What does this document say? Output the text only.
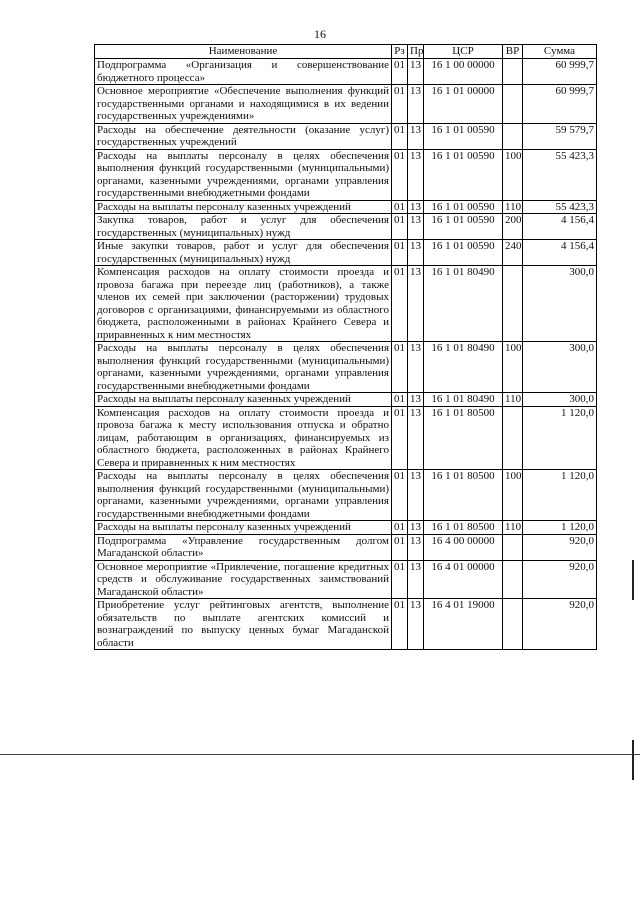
16
Наименование	Рз	Пр	ЦСР	ВР	Сумма
Подпрограмма «Организация и совершенствование бюджетного процесса»	01	13	16 1 00 00000		60 999,7
Основное мероприятие «Обеспечение выполнения функций государственными органами и находящимися в их ведении государственных учреждениями»	01	13	16 1 01 00000		60 999,7
Расходы на обеспечение деятельности (оказание услуг) государственных учреждений	01	13	16 1 01 00590		59 579,7
Расходы на выплаты персоналу в целях обеспечения выполнения функций государственными (муниципальными) органами, казенными учреждениями, органами управления государственными внебюджетными фондами	01	13	16 1 01 00590	100	55 423,3
Расходы на выплаты персоналу казенных учреждений	01	13	16 1 01 00590	110	55 423,3
Закупка товаров, работ и услуг для обеспечения государственных (муниципальных) нужд	01	13	16 1 01 00590	200	4 156,4
Иные закупки товаров, работ и услуг для обеспечения государственных (муниципальных) нужд	01	13	16 1 01 00590	240	4 156,4
Компенсация расходов на оплату стоимости проезда и провоза багажа при переезде лиц (работников), а также членов их семей при заключении (расторжении) трудовых договоров с организациями, финансируемыми из областного бюджета, расположенными в районах Крайнего Севера и приравненных к ним местностях	01	13	16 1 01 80490		300,0
Расходы на выплаты персоналу в целях обеспечения выполнения функций государственными (муниципальными) органами, казенными учреждениями, органами управления государственными внебюджетными фондами	01	13	16 1 01 80490	100	300,0
Расходы на выплаты персоналу казенных учреждений	01	13	16 1 01 80490	110	300,0
Компенсация расходов на оплату стоимости проезда и провоза багажа к месту использования отпуска и обратно лицам, работающим в организациях, финансируемых из областного бюджета, расположенных в районах Крайнего Севера и приравненных к ним местностях	01	13	16 1 01 80500		1 120,0
Расходы на выплаты персоналу в целях обеспечения выполнения функций государственными (муниципальными) органами, казенными учреждениями, органами управления государственными внебюджетными фондами	01	13	16 1 01 80500	100	1 120,0
Расходы на выплаты персоналу казенных учреждений	01	13	16 1 01 80500	110	1 120,0
Подпрограмма «Управление государственным долгом Магаданской области»	01	13	16 4 00 00000		920,0
Основное мероприятие «Привлечение, погашение кредитных средств и обслуживание государственных заимствований Магаданской области»	01	13	16 4 01 00000		920,0
Приобретение услуг рейтинговых агентств, выполнение обязательств по выплате агентских комиссий и вознаграждений по выпуску ценных бумаг Магаданской области	01	13	16 4 01 19000		920,0
